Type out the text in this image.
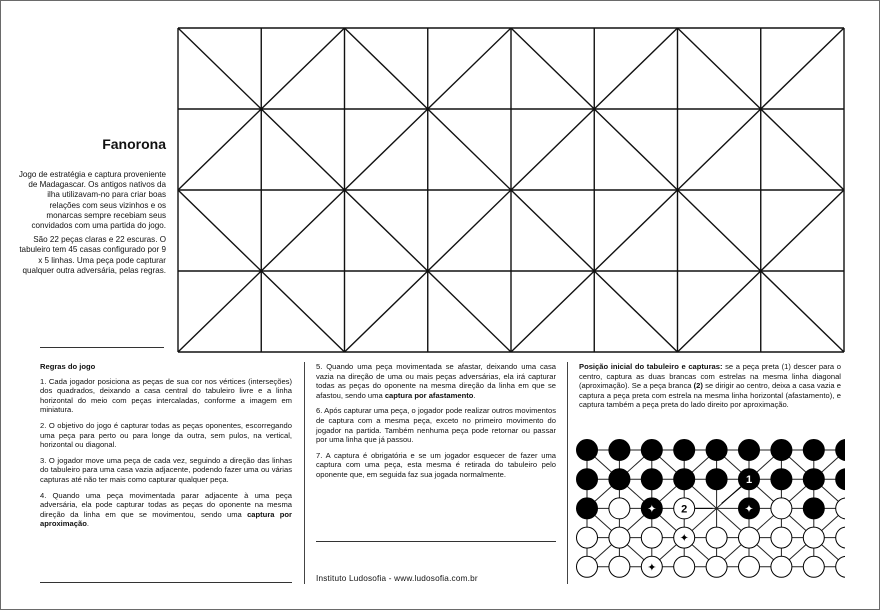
Fanorona

Jogo de estratégia e captura proveniente de Madagascar. Os antigos nativos da ilha utilizavam-no para criar boas relações com seus vizinhos e os monarcas sempre recebiam seus convidados com uma partida do jogo.

São 22 peças claras e 22 escuras. O tabuleiro tem 45 casas configurado por 9 x 5 linhas. Uma peça pode capturar qualquer outra adversária, pelas regras.

Regras do jogo

1. Cada jogador posiciona as peças de sua cor nos vértices (interseções) dos quadrados, deixando a casa central do tabuleiro livre e a linha horizontal do meio com peças intercaladas, conforme a imagem em miniatura.

2. O objetivo do jogo é capturar todas as peças oponentes, escorregando uma peça para perto ou para longe da outra, sem pulos, na vertical, horizontal ou diagonal.

3. O jogador move uma peça de cada vez, seguindo a direção das linhas do tabuleiro para uma casa vazia adjacente, podendo fazer uma ou várias capturas até não ter mais como capturar qualquer peça.

4. Quando uma peça movimentada parar adjacente à uma peça adversária, ela pode capturar todas as peças do oponente na mesma direção da linha em que se movimentou, sendo uma captura por aproximação.

5. Quando uma peça movimentada se afastar, deixando uma casa vazia na direção de uma ou mais peças adversárias, ela irá capturar todas as peças do oponente na mesma direção da linha em que se afastou, sendo uma captura por afastamento.

6. Após capturar uma peça, o jogador pode realizar outros movimentos de captura com a mesma peça, exceto no primeiro movimento do jogador na partida. Também nenhuma peça pode retornar ou passar por uma linha que já passou.

7. A captura é obrigatória e se um jogador esquecer de fazer uma captura com uma peça, esta mesma é retirada do tabuleiro pelo oponente que, em seguida faz sua jogada normalmente.

Instituto Ludosofia - www.ludosofia.com.br

Posição inicial do tabuleiro e capturas: se a peça preta (1) descer para o centro, captura as duas brancas com estrelas na mesma linha diagonal (aproximação). Se a peça branca (2) se dirigir ao centro, deixa a casa vazia e captura a peça preta com estrela na mesma linha horizontal (afastamento), e captura também a peça preta do lado direito por aproximação.

✦	✦
✦
✦
1
2
